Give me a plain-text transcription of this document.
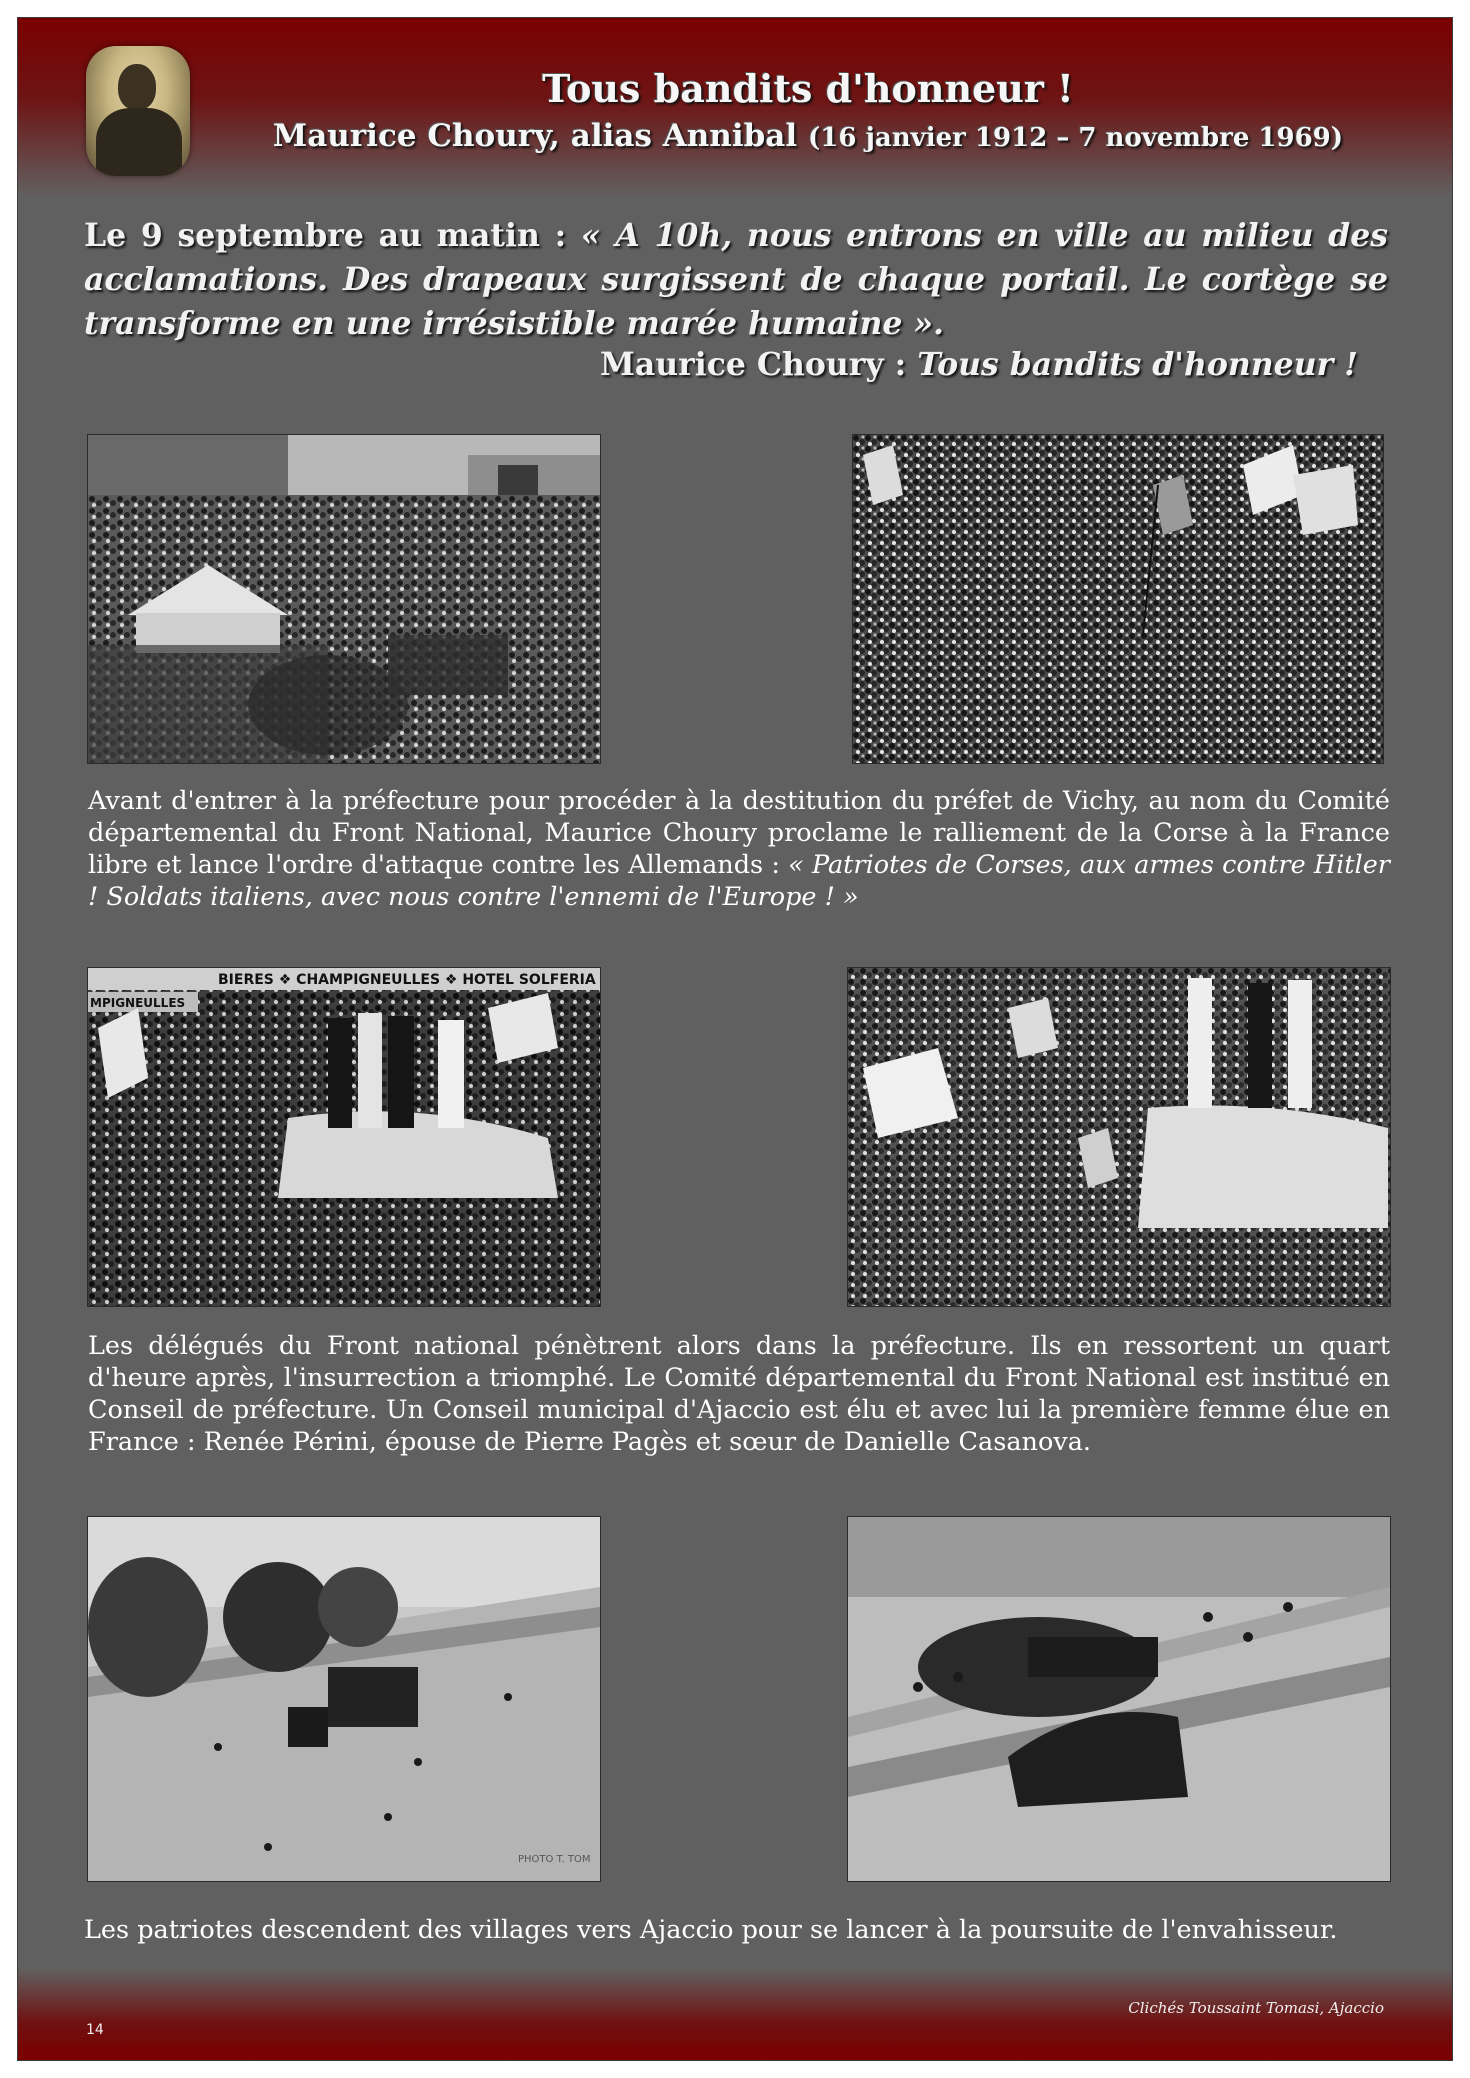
Tous bandits d'honneur !
Maurice Choury, alias Annibal (16 janvier 1912 – 7 novembre 1969)
Le 9 septembre au matin : « A 10h, nous entrons en ville au milieu des acclamations. Des drapeaux surgissent de chaque portail. Le cortège se transforme en une irrésistible marée humaine ».
Maurice Choury : Tous bandits d'honneur !
Avant d'entrer à la préfecture pour procéder à la destitution du préfet de Vichy, au nom du Comité départemental du Front National, Maurice Choury proclame le ralliement de la Corse à la France libre et lance l'ordre d'attaque contre les Allemands : « Patriotes de Corses, aux armes contre Hitler ! Soldats italiens, avec nous contre l'ennemi de l'Europe ! »
BIERES ❖ CHAMPIGNEULLES ❖ HOTEL SOLFERIA
MPIGNEULLES
Les délégués du Front national pénètrent alors dans la préfecture. Ils en ressortent un quart d'heure après, l'insurrection a triomphé. Le Comité départemental du Front National est institué en Conseil de préfecture. Un Conseil municipal d'Ajaccio est élu et avec lui la première femme élue en France : Renée Périni, épouse de Pierre Pagès et sœur de Danielle Casanova.
PHOTO T. TOM
Les patriotes descendent des villages vers Ajaccio pour se lancer à la poursuite de l'envahisseur.
Clichés Toussaint Tomasi, Ajaccio
14
